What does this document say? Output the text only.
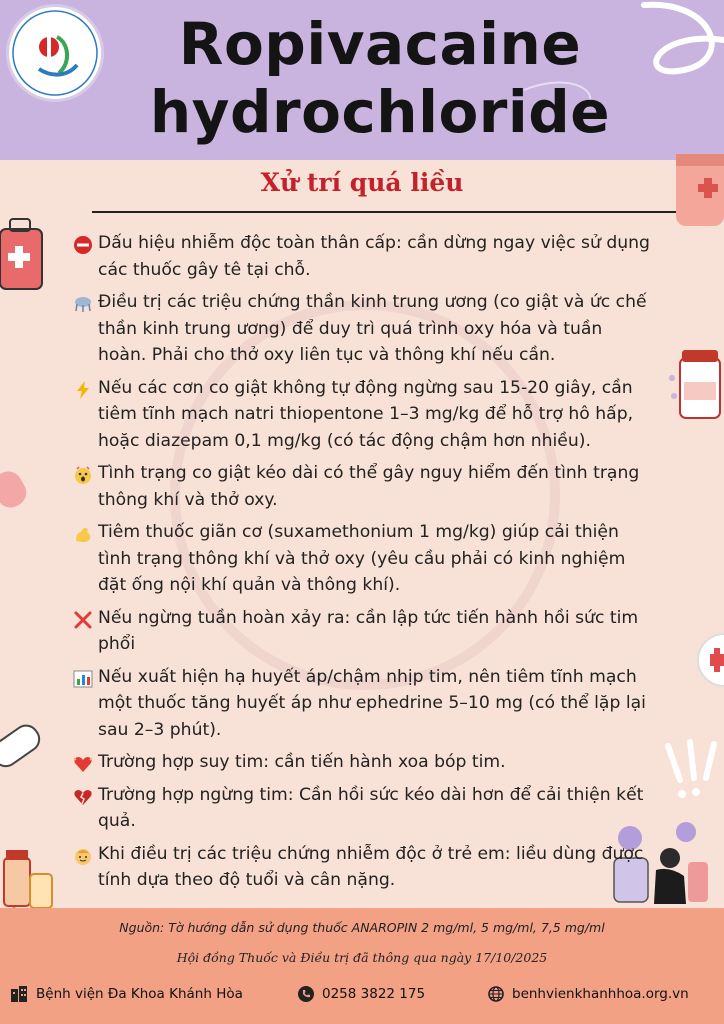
Ropivacaine
hydrochloride
Xử trí quá liều
Dấu hiệu nhiễm độc toàn thân cấp: cần dừng ngay việc sử dụng các thuốc gây tê tại chỗ.
Điều trị các triệu chứng thần kinh trung ương (co giật và ức chế thần kinh trung ương) để duy trì quá trình oxy hóa và tuần hoàn. Phải cho thở oxy liên tục và thông khí nếu cần.
Nếu các cơn co giật không tự động ngừng sau 15-20 giây, cần tiêm tĩnh mạch natri thiopentone 1–3 mg/kg để hỗ trợ hô hấp, hoặc diazepam 0,1 mg/kg (có tác động chậm hơn nhiều).
Tình trạng co giật kéo dài có thể gây nguy hiểm đến tình trạng thông khí và thở oxy.
Tiêm thuốc giãn cơ (suxamethonium 1 mg/kg) giúp cải thiện tình trạng thông khí và thở oxy (yêu cầu phải có kinh nghiệm đặt ống nội khí quản và thông khí).
Nếu ngừng tuần hoàn xảy ra: cần lập tức tiến hành hồi sức tim phổi
Nếu xuất hiện hạ huyết áp/chậm nhịp tim, nên tiêm tĩnh mạch một thuốc tăng huyết áp như ephedrine 5–10 mg (có thể lặp lại sau 2–3 phút).
Trường hợp suy tim: cần tiến hành xoa bóp tim.
Trường hợp ngừng tim: Cần hồi sức kéo dài hơn để cải thiện kết quả.
Khi điều trị các triệu chứng nhiễm độc ở trẻ em: liều dùng được tính dựa theo độ tuổi và cân nặng.
Nguồn: Tờ hướng dẫn sử dụng thuốc ANAROPIN 2 mg/ml, 5 mg/ml, 7,5 mg/ml
Hội đồng Thuốc và Điều trị đã thông qua ngày 17/10/2025
Bệnh viện Đa Khoa Khánh Hòa	0258 3822 175	benhvienkhanhhoa.org.vn
